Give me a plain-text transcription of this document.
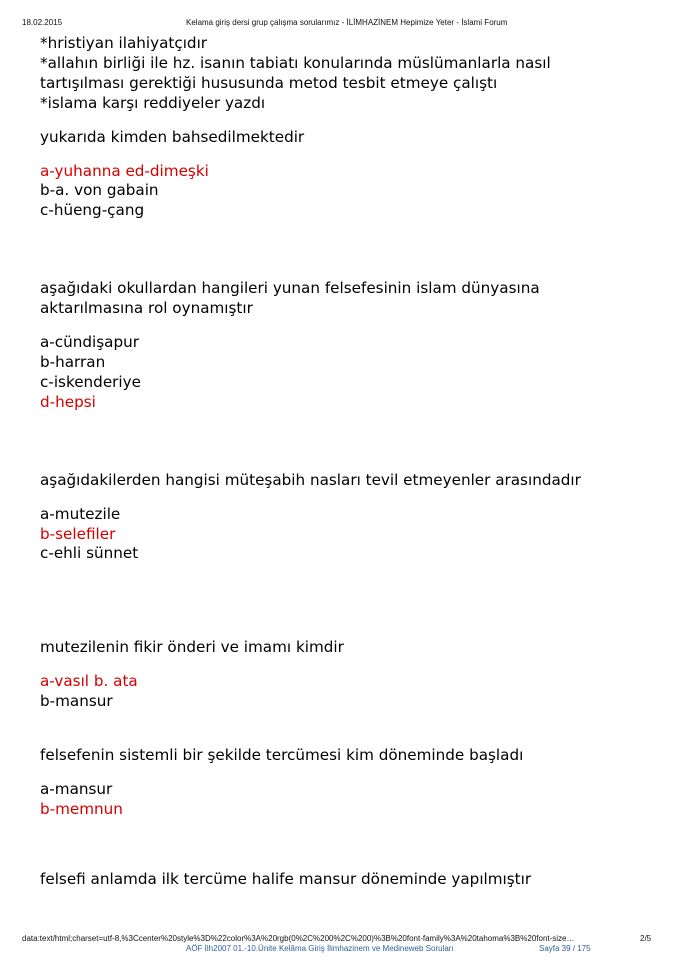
18.02.2015	Kelama giriş dersi grup çalışma sorularımız - İLİMHAZİNEM Hepimize Yeter - İslami Forum

*hristiyan ilahiyatçıdır

*allahın birliği ile hz. isanın tabiatı konularında müslümanlarla nasıl

tartışılması gerektiği hususunda metod tesbit etmeye çalıştı

*islama karşı reddiyeler yazdı

yukarıda kimden bahsedilmektedir

a-yuhanna ed-dimeşki

b-a. von gabain

c-hüeng-çang

aşağıdaki okullardan hangileri yunan felsefesinin islam dünyasına

aktarılmasına rol oynamıştır

a-cündişapur

b-harran

c-iskenderiye

d-hepsi

aşağıdakilerden hangisi müteşabih nasları tevil etmeyenler arasındadır

a-mutezile

b-selefiler

c-ehli sünnet

mutezilenin fikir önderi ve imamı kimdir

a-vasıl b. ata

b-mansur

felsefenin sistemli bir şekilde tercümesi kim döneminde başladı

a-mansur

b-memnun

felsefi anlamda ilk tercüme halife mansur döneminde yapılmıştır

data:text/html;charset=utf-8,%3Ccenter%20style%3D%22color%3A%20rgb(0%2C%200%2C%200)%3B%20font-family%3A%20tahoma%3B%20font-size…	2/5
AÖF İlh2007 01.-10.Ünite Kelâma Giriş İlimhazinem ve Medineweb Soruları	Sayfa 39 / 175
